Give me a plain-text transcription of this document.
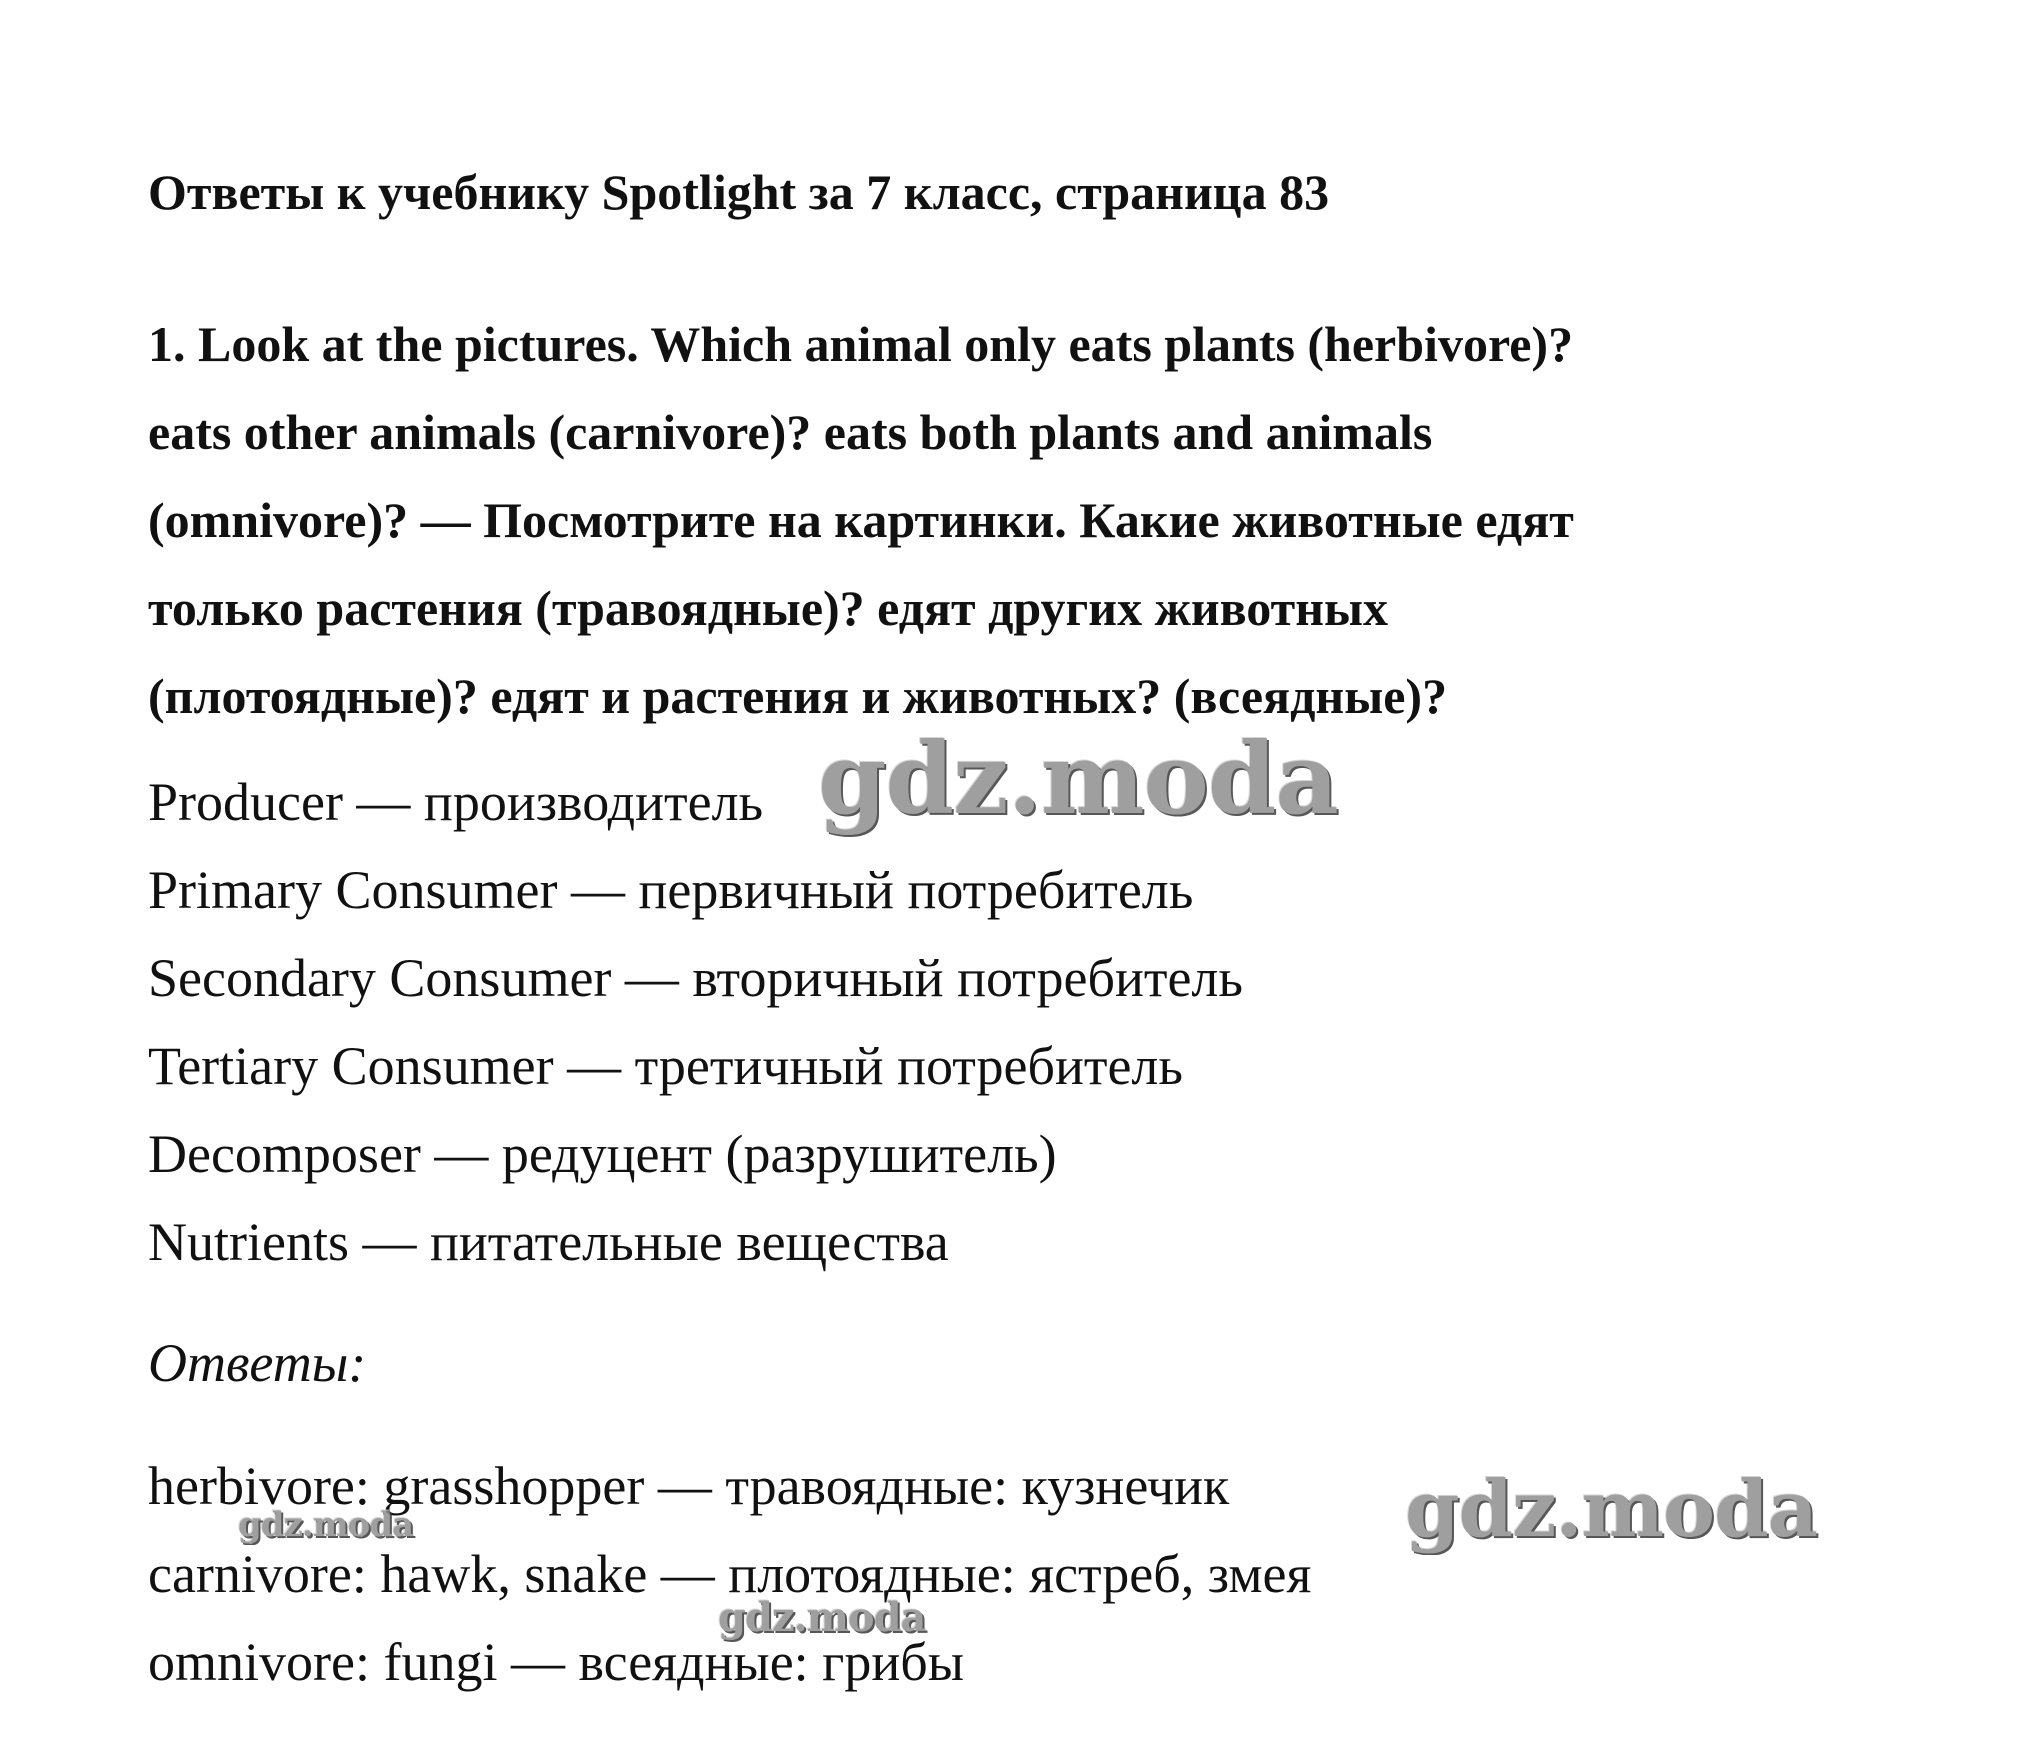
Ответы к учебнику Spotlight за 7 класс, страница 83

1. Look at the pictures. Which animal only eats plants (herbivore)?

eats other animals (carnivore)? eats both plants and animals

(omnivore)? — Посмотрите на картинки. Какие животные едят

только растения (травоядные)? едят других животных

(плотоядные)? едят и растения и животных? (всеядные)?

Producer — производитель

Primary Consumer — первичный потребитель

Secondary Consumer — вторичный потребитель

Tertiary Consumer — третичный потребитель

Decomposer — редуцент (разрушитель)

Nutrients — питательные вещества

Ответы:

herbivore: grasshopper — травоядные: кузнечик

carnivore: hawk, snake — плотоядные: ястреб, змея

omnivore: fungi — всеядные: грибы

gdz.moda
gdz.moda
gdz.moda
gdz.moda
